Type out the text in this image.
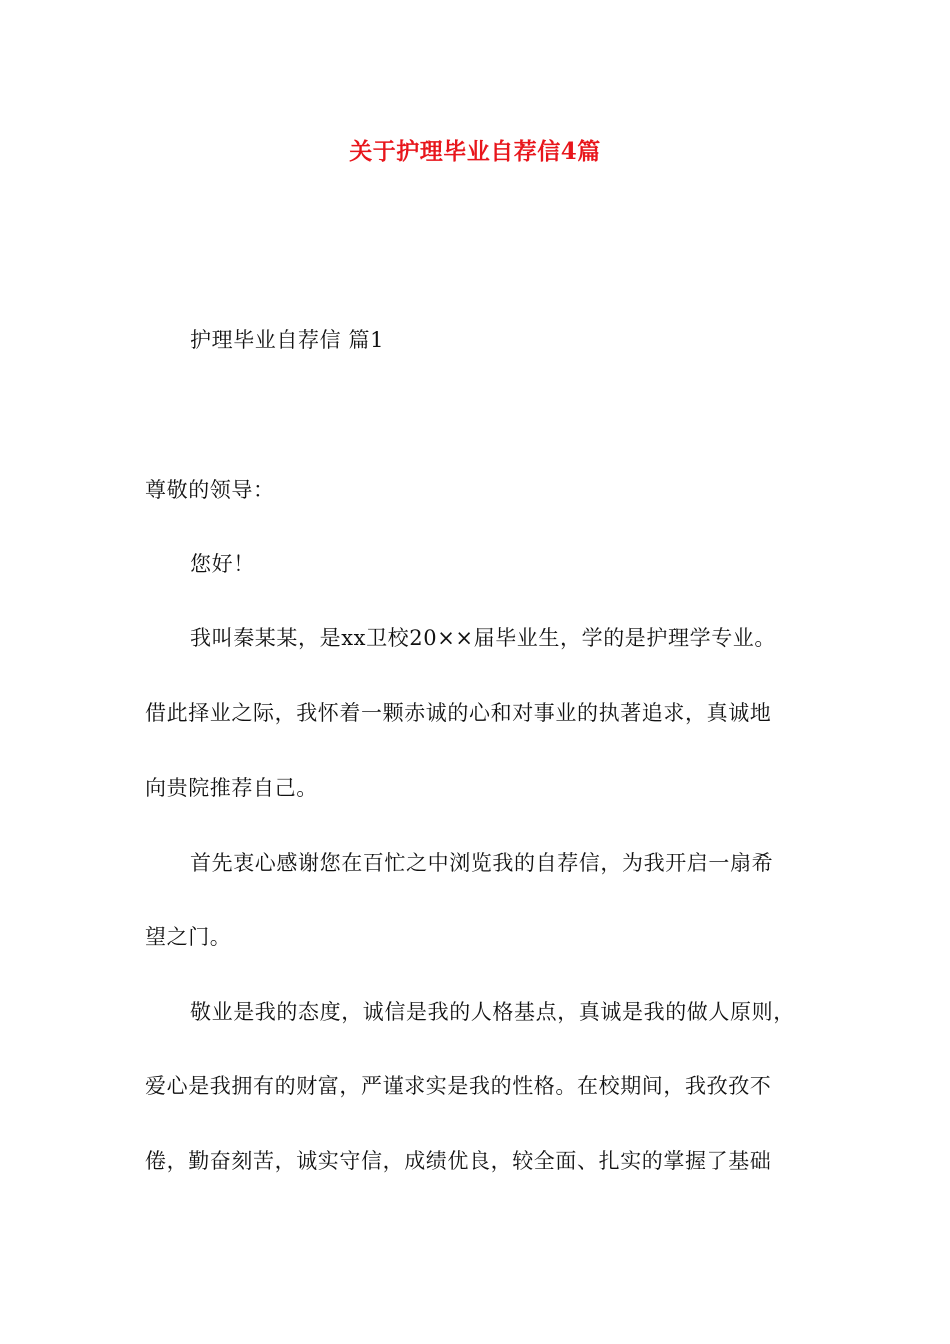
关于护理毕业自荐信4篇
护理毕业自荐信 篇1
尊敬的领导：
您好！
我叫秦某某，是xx卫校20××届毕业生，学的是护理学专业。
借此择业之际，我怀着一颗赤诚的心和对事业的执著追求，真诚地
向贵院推荐自己。
首先衷心感谢您在百忙之中浏览我的自荐信，为我开启一扇希
望之门。
敬业是我的态度，诚信是我的人格基点，真诚是我的做人原则，
爱心是我拥有的财富，严谨求实是我的性格。在校期间，我孜孜不
倦，勤奋刻苦，诚实守信，成绩优良，较全面、扎实的掌握了基础
